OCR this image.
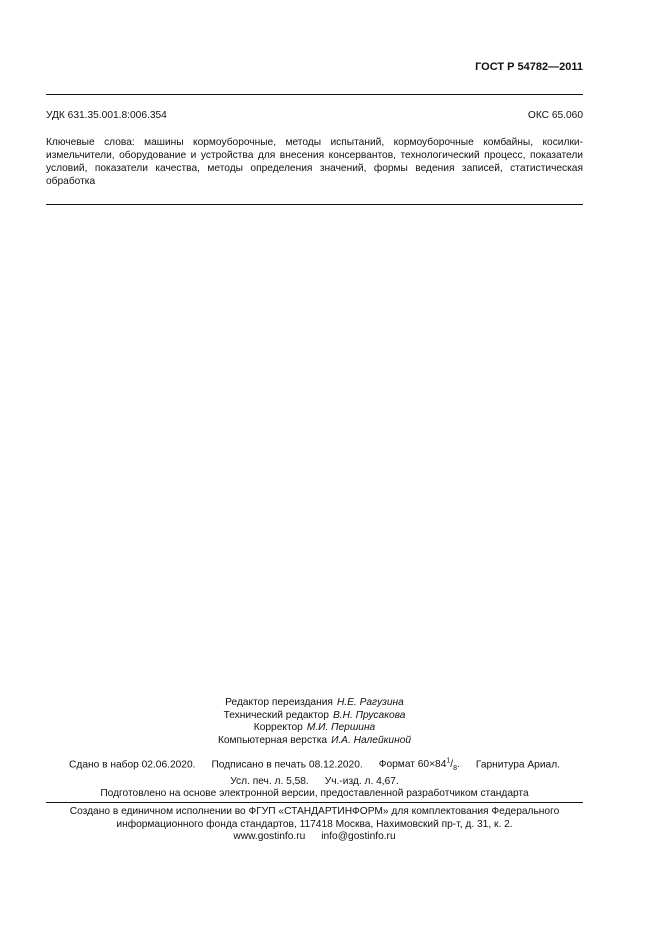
ГОСТ Р 54782—2011
УДК 631.35.001.8:006.354	ОКС 65.060
Ключевые слова: машины кормоуборочные, методы испытаний, кормоуборочные комбайны, косилки-измельчители, оборудование и устройства для внесения консервантов, технологический процесс, показатели условий, показатели качества, методы определения значений, формы ведения записей, статистическая обработка
Редактор переиздания Н.Е. Рагузина
Технический редактор В.Н. Прусакова
Корректор М.И. Першина
Компьютерная верстка И.А. Налейкиной
Сдано в набор 02.06.2020. Подписано в печать 08.12.2020. Формат $60\times 84^1/_8$. Гарнитура Ариал.
Усл. печ. л. 5,58. Уч.-изд. л. 4,67.
Подготовлено на основе электронной версии, предоставленной разработчиком стандарта
Создано в единичном исполнении во ФГУП «СТАНДАРТИНФОРМ» для комплектования Федерального
информационного фонда стандартов, 117418 Москва, Нахимовский пр-т, д. 31, к. 2.
www.gostinfo.ru info@gostinfo.ru
